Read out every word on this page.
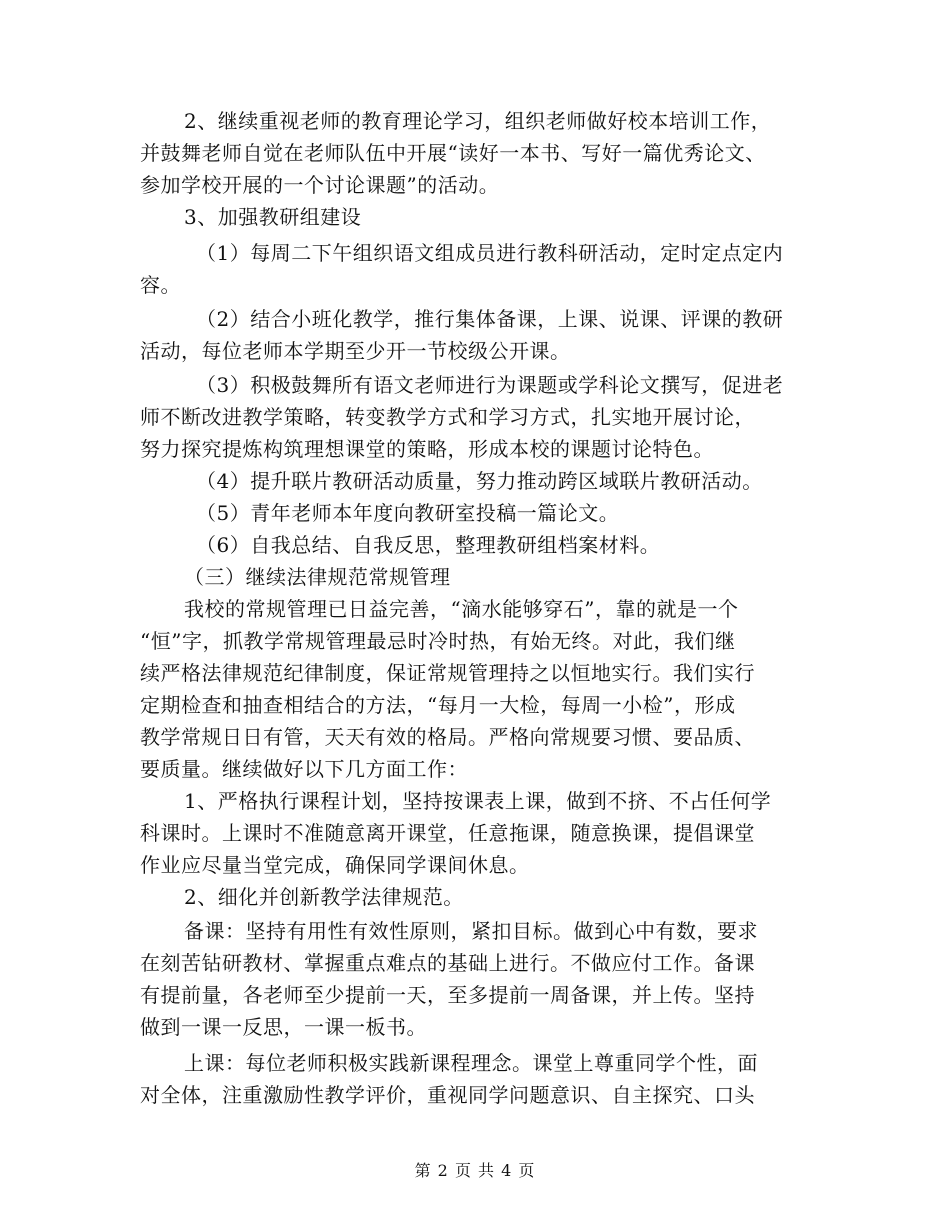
2、继续重视老师的教育理论学习，组织老师做好校本培训工作，
并鼓舞老师自觉在老师队伍中开展“读好一本书、写好一篇优秀论文、
参加学校开展的一个讨论课题”的活动。
3、加强教研组建设
（1）每周二下午组织语文组成员进行教科研活动，定时定点定内
容。
（2）结合小班化教学，推行集体备课，上课、说课、评课的教研
活动，每位老师本学期至少开一节校级公开课。
（3）积极鼓舞所有语文老师进行为课题或学科论文撰写，促进老
师不断改进教学策略，转变教学方式和学习方式，扎实地开展讨论，
努力探究提炼构筑理想课堂的策略，形成本校的课题讨论特色。
（4）提升联片教研活动质量，努力推动跨区域联片教研活动。
（5）青年老师本年度向教研室投稿一篇论文。
（6）自我总结、自我反思，整理教研组档案材料。
（三）继续法律规范常规管理
我校的常规管理已日益完善，“滴水能够穿石”，靠的就是一个
“恒”字，抓教学常规管理最忌时冷时热，有始无终。对此，我们继
续严格法律规范纪律制度，保证常规管理持之以恒地实行。我们实行
定期检查和抽查相结合的方法，“每月一大检，每周一小检”，形成
教学常规日日有管，天天有效的格局。严格向常规要习惯、要品质、
要质量。继续做好以下几方面工作：
1、严格执行课程计划，坚持按课表上课，做到不挤、不占任何学
科课时。上课时不准随意离开课堂，任意拖课，随意换课，提倡课堂
作业应尽量当堂完成，确保同学课间休息。
2、细化并创新教学法律规范。
备课：坚持有用性有效性原则，紧扣目标。做到心中有数，要求
在刻苦钻研教材、掌握重点难点的基础上进行。不做应付工作。备课
有提前量，各老师至少提前一天，至多提前一周备课，并上传。坚持
做到一课一反思，一课一板书。
上课：每位老师积极实践新课程理念。课堂上尊重同学个性，面
对全体，注重激励性教学评价，重视同学问题意识、自主探究、口头
第 2 页 共 4 页
